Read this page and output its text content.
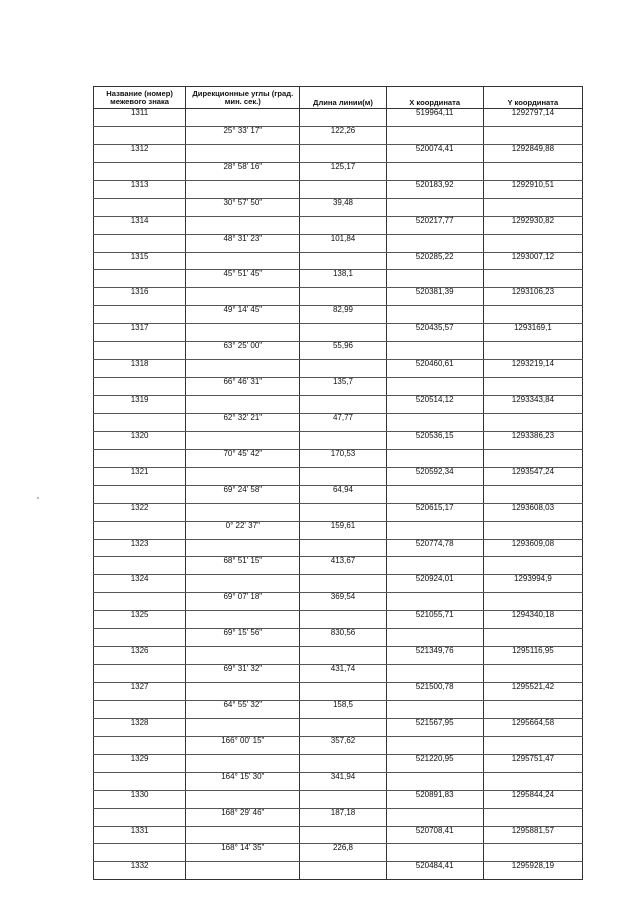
Название (номер) межевого знака	Дирекционные углы (град. мин. сек.)	Длина линии(м)	X координата	Y координата
1311			519964,11	1292797,14
	25° 33' 17"	122,26		
1312			520074,41	1292849,88
	28° 58' 16"	125,17		
1313			520183,92	1292910,51
	30° 57' 50"	39,48		
1314			520217,77	1292930,82
	48° 31' 23"	101,84		
1315			520285,22	1293007,12
	45° 51' 45"	138,1		
1316			520381,39	1293106,23
	49° 14' 45"	82,99		
1317			520435,57	1293169,1
	63° 25' 00"	55,96		
1318			520460,61	1293219,14
	66° 46' 31"	135,7		
1319			520514,12	1293343,84
	62° 32' 21"	47,77		
1320			520536,15	1293386,23
	70° 45' 42"	170,53		
1321			520592,34	1293547,24
	69° 24' 58"	64,94		
1322			520615,17	1293608,03
	0° 22' 37"	159,61		
1323			520774,78	1293609,08
	68° 51' 15"	413,67		
1324			520924,01	1293994,9
	69° 07' 18"	369,54		
1325			521055,71	1294340,18
	69° 15' 56"	830,56		
1326			521349,76	1295116,95
	69° 31' 32"	431,74		
1327			521500,78	1295521,42
	64° 55' 32"	158,5		
1328			521567,95	1295664,58
	166° 00' 15"	357,62		
1329			521220,95	1295751,47
	164° 15' 30"	341,94		
1330			520891,83	1295844,24
	168° 29' 46"	187,18		
1331			520708,41	1295881,57
	168° 14' 35"	226,8		
1332			520484,41	1295928,19
